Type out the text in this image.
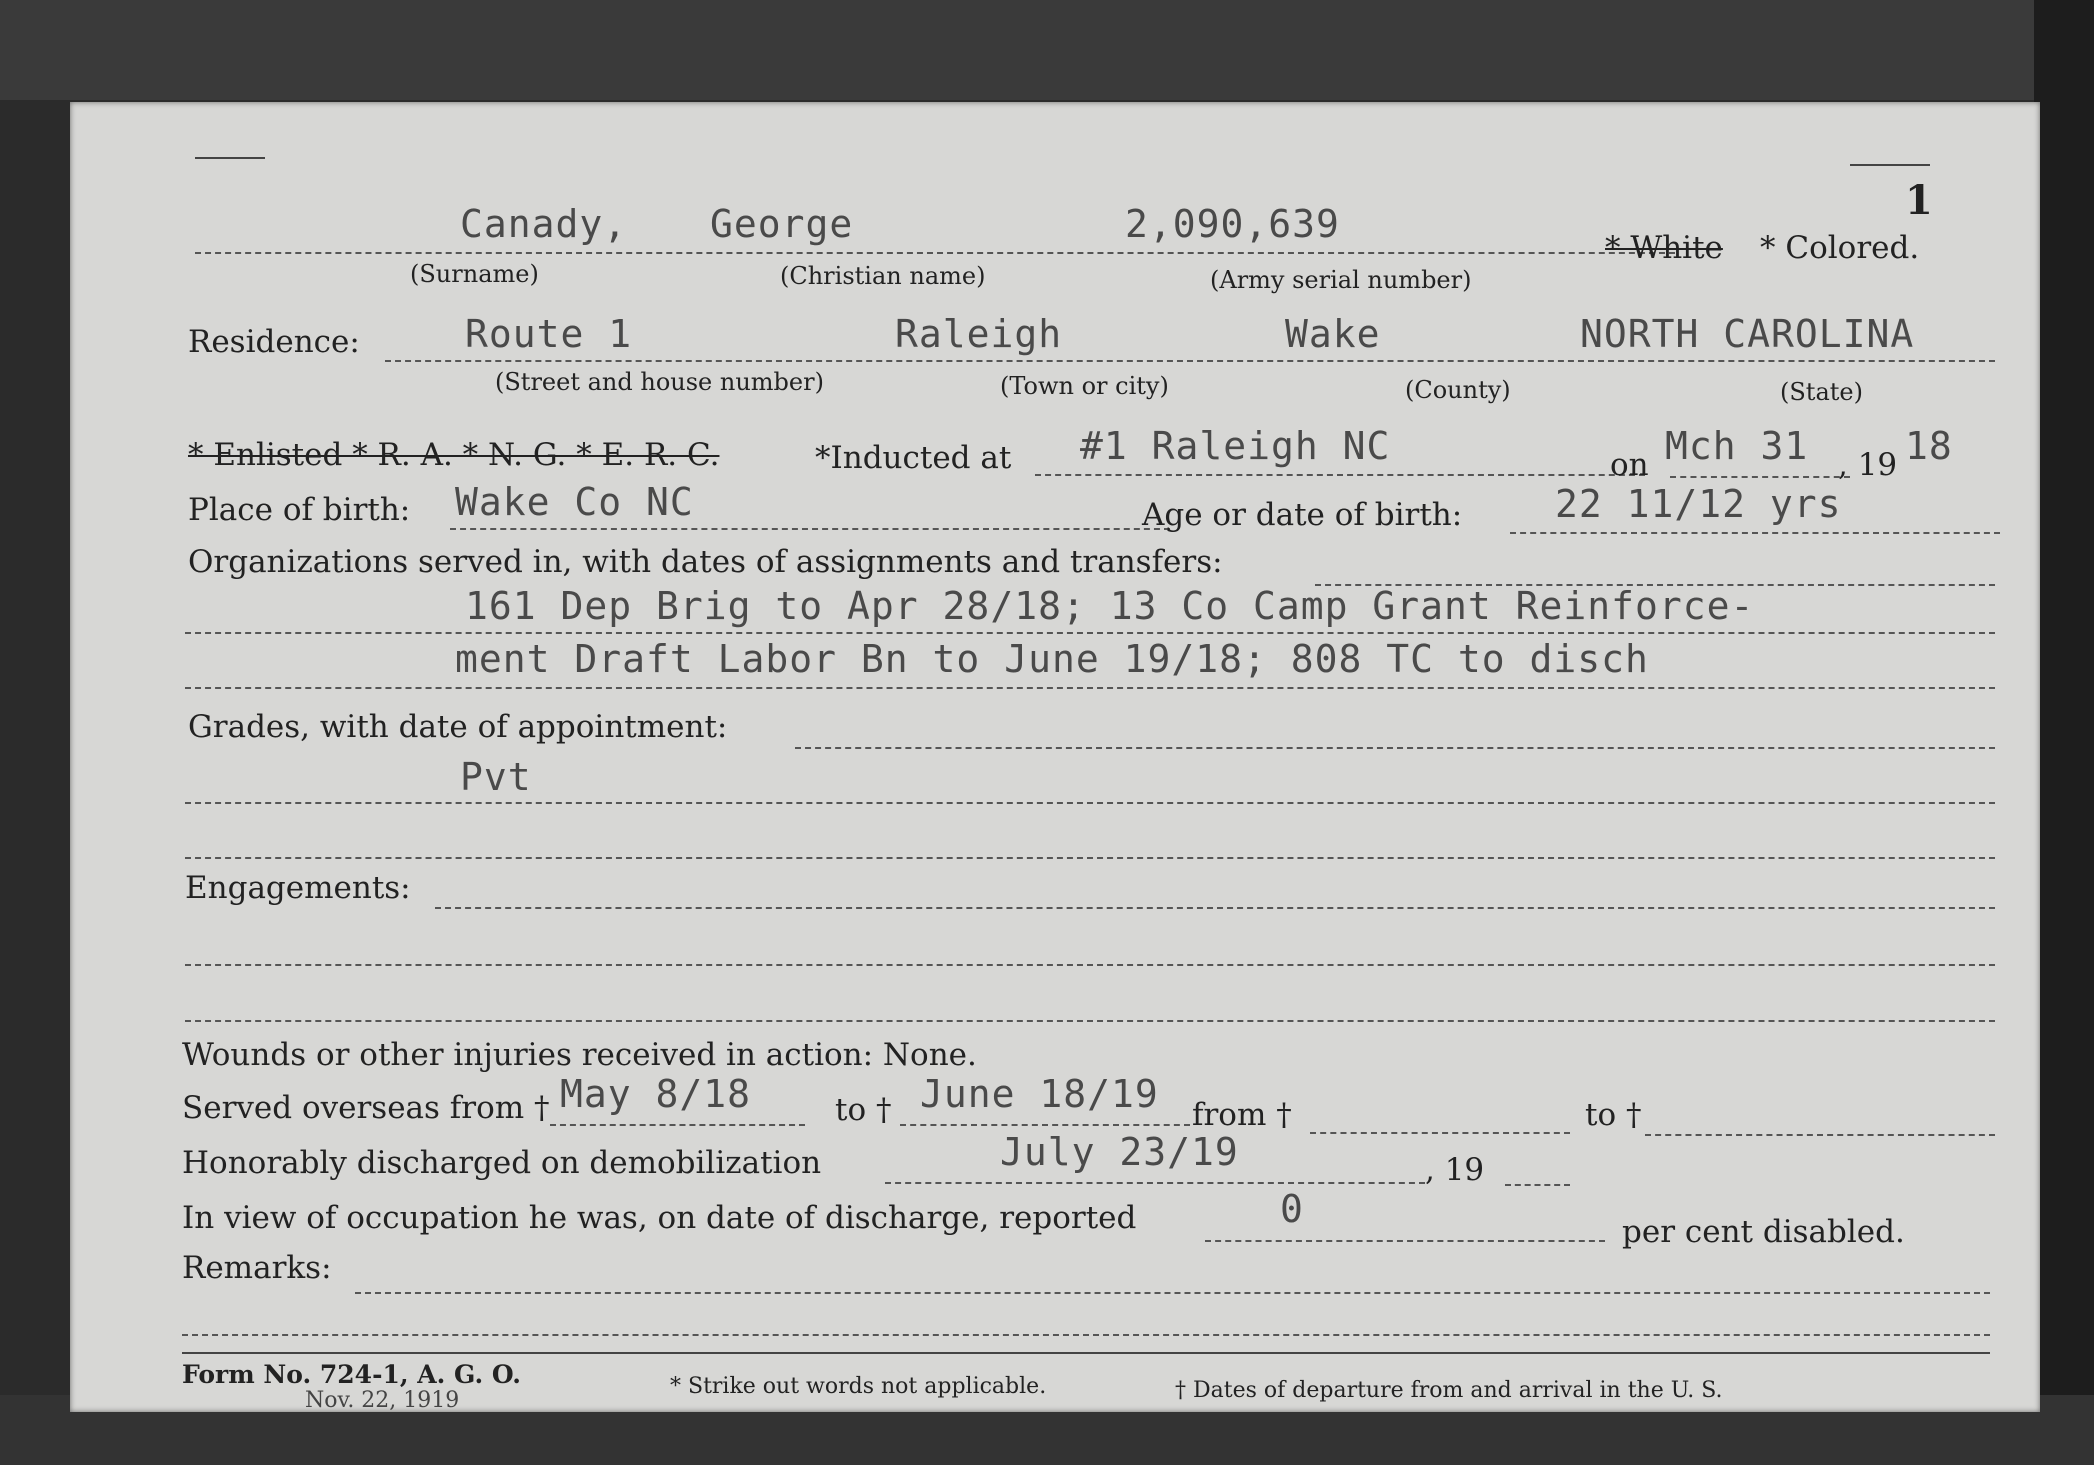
1
Canady, George	2,090,639
* White * Colored.
(Surname)	(Christian name)	(Army serial number)
Residence:	Route 1	Raleigh	Wake	NORTH CAROLINA
(Street and house number)	(Town or city)	(County)	(State)
* Enlisted * R. A. * N. G. * E. R. C.	*Inducted at #1 Raleigh NC	on Mch 31 , 19 18
Place of birth: Wake Co NC	Age or date of birth: 22 11/12 yrs
Organizations served in, with dates of assignments and transfers:
161 Dep Brig to Apr 28/18; 13 Co Camp Grant Reinforce-
ment Draft Labor Bn to June 19/18; 808 TC to disch
Grades, with date of appointment:
Pvt
Engagements:
Wounds or other injuries received in action: None.
Served overseas from † May 8/18	to † June 18/19 from †	to †
Honorably discharged on demobilization	July 23/19	, 19
In view of occupation he was, on date of discharge, reported	0
per cent disabled.
Remarks:
Form No. 724-1, A. G. O.
Nov. 22, 1919
* Strike out words not applicable.	† Dates of departure from and arrival in the U. S.
